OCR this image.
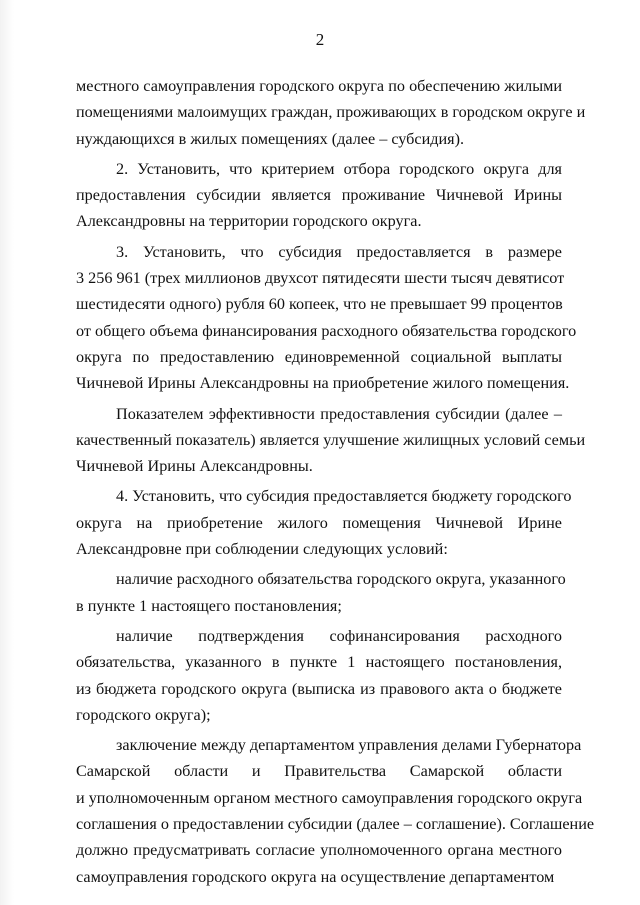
2
местного самоуправления городского округа по обеспечению жилыми
помещениями малоимущих граждан, проживающих в городском округе и
нуждающихся в жилых помещениях (далее – субсидия).
2. Установить, что критерием отбора городского округа для
предоставления субсидии является проживание Чичневой Ирины
Александровны на территории городского округа.
3. Установить, что субсидия предоставляется в размере
3 256 961 (трех миллионов двухсот пятидесяти шести тысяч девятисот
шестидесяти одного) рубля 60 копеек, что не превышает 99 процентов
от общего объема финансирования расходного обязательства городского
округа по предоставлению единовременной социальной выплаты
Чичневой Ирины Александровны на приобретение жилого помещения.
Показателем эффективности предоставления субсидии (далее –
качественный показатель) является улучшение жилищных условий семьи
Чичневой Ирины Александровны.
4. Установить, что субсидия предоставляется бюджету городского
округа на приобретение жилого помещения Чичневой Ирине
Александровне при соблюдении следующих условий:
наличие расходного обязательства городского округа, указанного
в пункте 1 настоящего постановления;
наличие подтверждения софинансирования расходного
обязательства, указанного в пункте 1 настоящего постановления,
из бюджета городского округа (выписка из правового акта о бюджете
городского округа);
заключение между департаментом управления делами Губернатора
Самарской области и Правительства Самарской области
и уполномоченным органом местного самоуправления городского округа
соглашения о предоставлении субсидии (далее – соглашение). Соглашение
должно предусматривать согласие уполномоченного органа местного
самоуправления городского округа на осуществление департаментом
